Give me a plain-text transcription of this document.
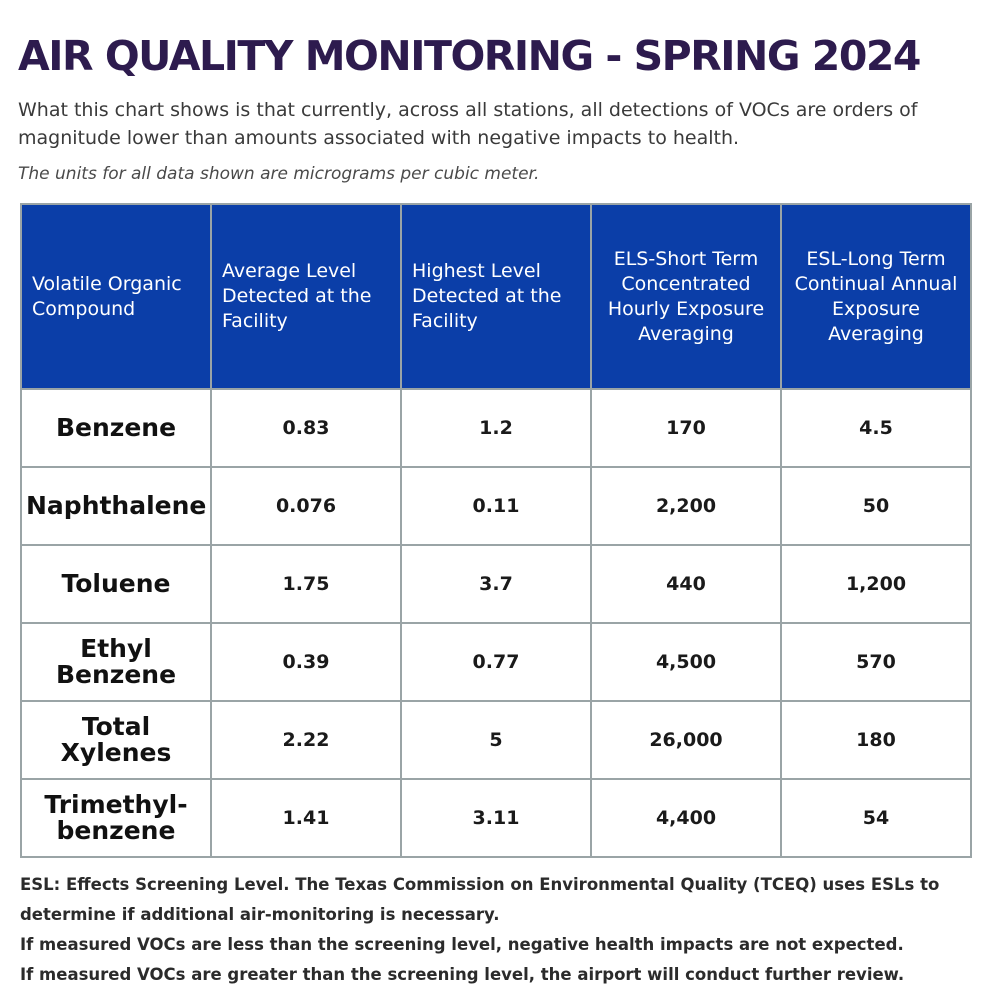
AIR QUALITY MONITORING - SPRING 2024

What this chart shows is that currently, across all stations, all detections of VOCs are orders of magnitude lower than amounts associated with negative impacts to health.

The units for all data shown are micrograms per cubic meter.

Volatile Organic Compound	Average Level Detected at the Facility	Highest Level Detected at the Facility	ELS-Short Term Concentrated Hourly Exposure Averaging	ESL-Long Term Continual Annual Exposure Averaging
Benzene	0.83	1.2	170	4.5
Naphthalene	0.076	0.11	2,200	50
Toluene	1.75	3.7	440	1,200
Ethyl Benzene	0.39	0.77	4,500	570
Total Xylenes	2.22	5	26,000	180
Trimethyl-benzene	1.41	3.11	4,400	54
ESL: Effects Screening Level. The Texas Commission on Environmental Quality (TCEQ) uses ESLs to determine if additional air-monitoring is necessary.
If measured VOCs are less than the screening level, negative health impacts are not expected.
If measured VOCs are greater than the screening level, the airport will conduct further review.
